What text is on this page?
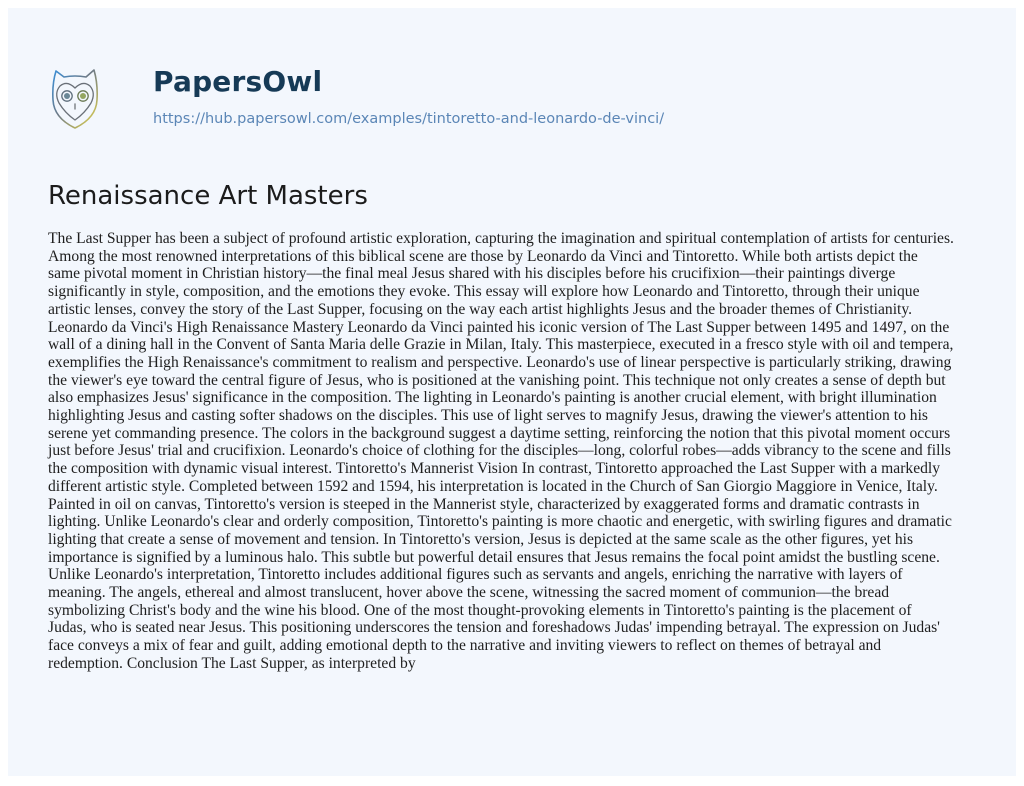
PapersOwl
https://hub.papersowl.com/examples/tintoretto-and-leonardo-de-vinci/
Renaissance Art Masters
The Last Supper has been a subject of profound artistic exploration, capturing the imagination and spiritual contemplation of artists for centuries.
Among the most renowned interpretations of this biblical scene are those by Leonardo da Vinci and Tintoretto. While both artists depict the
same pivotal moment in Christian history—the final meal Jesus shared with his disciples before his crucifixion—their paintings diverge
significantly in style, composition, and the emotions they evoke. This essay will explore how Leonardo and Tintoretto, through their unique
artistic lenses, convey the story of the Last Supper, focusing on the way each artist highlights Jesus and the broader themes of Christianity.
Leonardo da Vinci's High Renaissance Mastery Leonardo da Vinci painted his iconic version of The Last Supper between 1495 and 1497, on the
wall of a dining hall in the Convent of Santa Maria delle Grazie in Milan, Italy. This masterpiece, executed in a fresco style with oil and tempera,
exemplifies the High Renaissance's commitment to realism and perspective. Leonardo's use of linear perspective is particularly striking, drawing
the viewer's eye toward the central figure of Jesus, who is positioned at the vanishing point. This technique not only creates a sense of depth but
also emphasizes Jesus' significance in the composition. The lighting in Leonardo's painting is another crucial element, with bright illumination
highlighting Jesus and casting softer shadows on the disciples. This use of light serves to magnify Jesus, drawing the viewer's attention to his
serene yet commanding presence. The colors in the background suggest a daytime setting, reinforcing the notion that this pivotal moment occurs
just before Jesus' trial and crucifixion. Leonardo's choice of clothing for the disciples—long, colorful robes—adds vibrancy to the scene and fills
the composition with dynamic visual interest. Tintoretto's Mannerist Vision In contrast, Tintoretto approached the Last Supper with a markedly
different artistic style. Completed between 1592 and 1594, his interpretation is located in the Church of San Giorgio Maggiore in Venice, Italy.
Painted in oil on canvas, Tintoretto's version is steeped in the Mannerist style, characterized by exaggerated forms and dramatic contrasts in
lighting. Unlike Leonardo's clear and orderly composition, Tintoretto's painting is more chaotic and energetic, with swirling figures and dramatic
lighting that create a sense of movement and tension. In Tintoretto's version, Jesus is depicted at the same scale as the other figures, yet his
importance is signified by a luminous halo. This subtle but powerful detail ensures that Jesus remains the focal point amidst the bustling scene.
Unlike Leonardo's interpretation, Tintoretto includes additional figures such as servants and angels, enriching the narrative with layers of
meaning. The angels, ethereal and almost translucent, hover above the scene, witnessing the sacred moment of communion—the bread
symbolizing Christ's body and the wine his blood. One of the most thought-provoking elements in Tintoretto's painting is the placement of
Judas, who is seated near Jesus. This positioning underscores the tension and foreshadows Judas' impending betrayal. The expression on Judas'
face conveys a mix of fear and guilt, adding emotional depth to the narrative and inviting viewers to reflect on themes of betrayal and
redemption. Conclusion The Last Supper, as interpreted by
